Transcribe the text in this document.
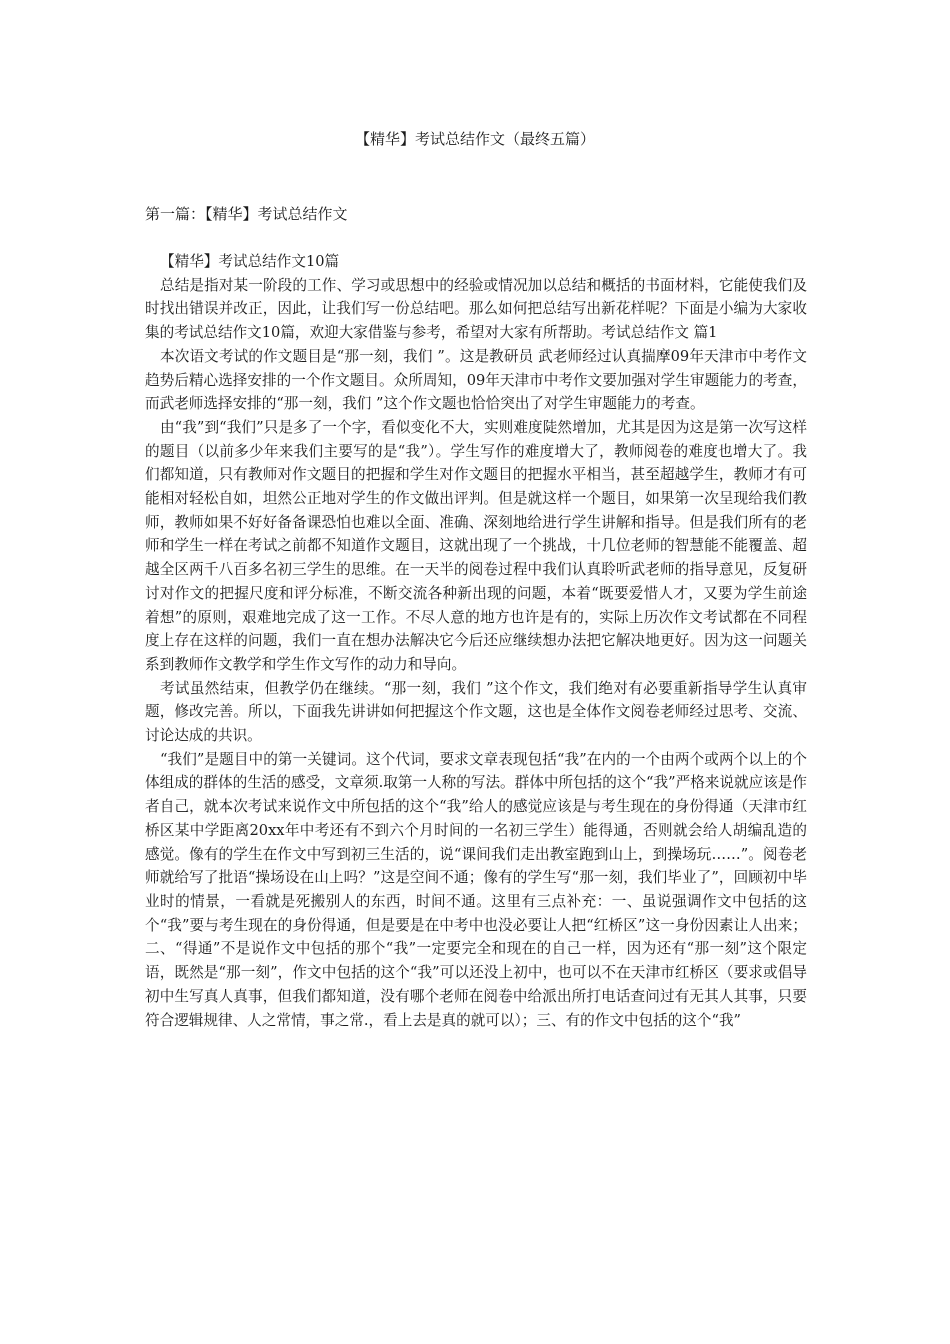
【精华】考试总结作文（最终五篇）
第一篇：【精华】考试总结作文

【精华】考试总结作文10篇

总结是指对某一阶段的工作、学习或思想中的经验或情况加以总结和概括的书面材料，它能使我们及时找出错误并改正，因此，让我们写一份总结吧。那么如何把总结写出新花样呢？下面是小编为大家收集的考试总结作文10篇，欢迎大家借鉴与参考，希望对大家有所帮助。考试总结作文 篇1

本次语文考试的作文题目是“那一刻，我们 ”。这是教研员 武老师经过认真揣摩09年天津市中考作文趋势后精心选择安排的一个作文题目。众所周知，09年天津市中考作文要加强对学生审题能力的考查，而武老师选择安排的“那一刻，我们 ”这个作文题也恰恰突出了对学生审题能力的考查。

由“我”到“我们”只是多了一个字，看似变化不大，实则难度陡然增加，尤其是因为这是第一次写这样的题目（以前多少年来我们主要写的是“我”）。学生写作的难度增大了，教师阅卷的难度也增大了。我们都知道，只有教师对作文题目的把握和学生对作文题目的把握水平相当，甚至超越学生，教师才有可能相对轻松自如，坦然公正地对学生的作文做出评判。但是就这样一个题目，如果第一次呈现给我们教师，教师如果不好好备备课恐怕也难以全面、准确、深刻地给进行学生讲解和指导。但是我们所有的老师和学生一样在考试之前都不知道作文题目，这就出现了一个挑战，十几位老师的智慧能不能覆盖、超越全区两千八百多名初三学生的思维。在一天半的阅卷过程中我们认真聆听武老师的指导意见，反复研讨对作文的把握尺度和评分标准，不断交流各种新出现的问题，本着“既要爱惜人才，又要为学生前途着想”的原则，艰难地完成了这一工作。不尽人意的地方也许是有的，实际上历次作文考试都在不同程度上存在这样的问题，我们一直在想办法解决它今后还应继续想办法把它解决地更好。因为这一问题关系到教师作文教学和学生作文写作的动力和导向。

考试虽然结束，但教学仍在继续。“那一刻，我们 ”这个作文，我们绝对有必要重新指导学生认真审题，修改完善。所以，下面我先讲讲如何把握这个作文题，这也是全体作文阅卷老师经过思考、交流、讨论达成的共识。

“我们”是题目中的第一关键词。这个代词，要求文章表现包括“我”在内的一个由两个或两个以上的个体组成的群体的生活的感受，文章须.取第一人称的写法。群体中所包括的这个“我”严格来说就应该是作者自己，就本次考试来说作文中所包括的这个“我”给人的感觉应该是与考生现在的身份得通（天津市红桥区某中学距离20xx年中考还有不到六个月时间的一名初三学生）能得通，否则就会给人胡编乱造的感觉。像有的学生在作文中写到初三生活的，说“课间我们走出教室跑到山上，到操场玩……”。阅卷老师就给写了批语“操场设在山上吗？”这是空间不通；像有的学生写“那一刻，我们毕业了”，回顾初中毕业时的情景，一看就是死搬别人的东西，时间不通。这里有三点补充：一、虽说强调作文中包括的这个“我”要与考生现在的身份得通，但是要是在中考中也没必要让人把“红桥区”这一身份因素让人出来；二、“得通”不是说作文中包括的那个“我”一定要完全和现在的自己一样，因为还有“那一刻”这个限定语，既然是“那一刻”，作文中包括的这个“我”可以还没上初中，也可以不在天津市红桥区（要求或倡导初中生写真人真事，但我们都知道，没有哪个老师在阅卷中给派出所打电话查问过有无其人其事，只要符合逻辑规律、人之常情，事之常.，看上去是真的就可以）；三、有的作文中包括的这个“我”
